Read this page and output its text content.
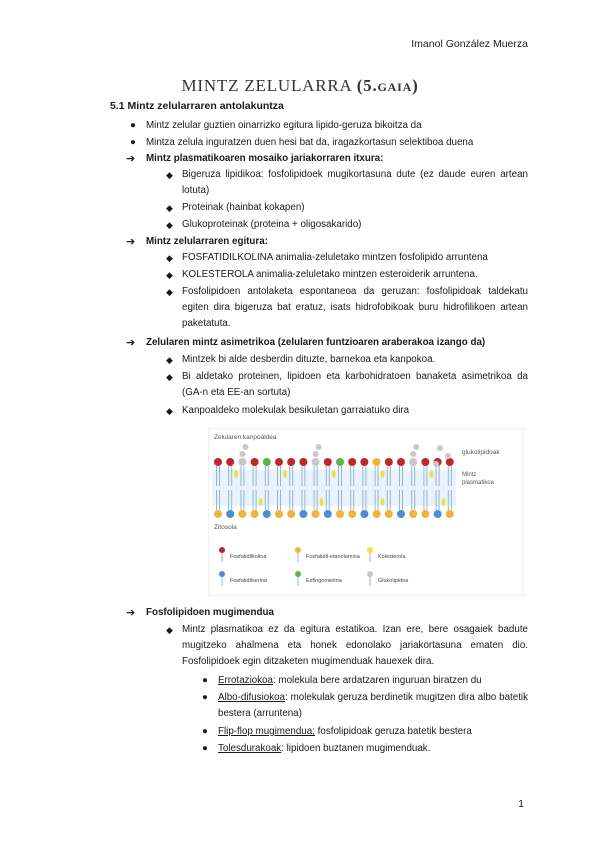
Imanol González Muerza
MINTZ ZELULARRA (5.gaia)
5.1 Mintz zelularraren antolakuntza
● Mintz zelular guztien oinarrizko egitura lipido-geruza bikoitza da
● Mintza zelula inguratzen duen hesi bat da, iragazkortasun selektiboa duena
➔ Mintz plasmatikoaren mosaiko jariakorraren itxura:
◆ Bigeruza lipidikoa: fosfolipidoek mugikortasuna dute (ez daude euren artean lotuta)
◆ Proteinak (hainbat kokapen)
◆ Glukoproteinak (proteina + oligosakarido)
➔ Mintz zelularraren egitura:
◆ FOSFATIDILKOLINA animalia-zeluletako mintzen fosfolipido arruntena
◆ KOLESTEROLA animalia-zeluletako mintzen esteroiderik arruntena.
◆ Fosfolipidoen antolaketa espontaneoa da geruzan: fosfolipidoak taldekatu egiten dira bigeruza bat eratuz, isats hidrofobikoak buru hidrofilikoen artean paketatuta.
➔ Zelularen mintz asimetrikoa (zelularen funtzioaren araberakoa izango da)
◆ Mintzek bi alde desberdin dituzte, barnekoa eta kanpokoa.
◆ Bi aldetako proteinen, lipidoen eta karbohidratoen banaketa asimetrikoa da (GA-n eta EE-an sortuta)
◆ Kanpoaldeko molekulak besikuletan garraiatuko dira
Zelularen kanpoaldea
glukolipidoak
Mintz plasmatikoa
Zitosola
Fosfatidilkolina	Fosfatidil-etanolamina	Kolesterola
Fosfatidilserina	Esfingomielina	Glukolipidoa
➔ Fosfolipidoen mugimendua
◆ Mintz plasmatikoa ez da egitura estatikoa. Izan ere, bere osagaiek badute mugitzeko ahalmena eta honek edonolako jariakortasuna ematen dio. Fosfolipidoek egin ditzaketen mugimenduak hauexek dira.
● Errotaziokoa: molekula bere ardatzaren inguruan biratzen du
● Albo-difusiokoa: molekulak geruza berdinetik mugitzen dira albo batetik bestera (arruntena)
● Flip-flop mugimendua; fosfolipidoak geruza batetik bestera
● Tolesdurakoak: lipidoen buztanen mugimenduak.
1
